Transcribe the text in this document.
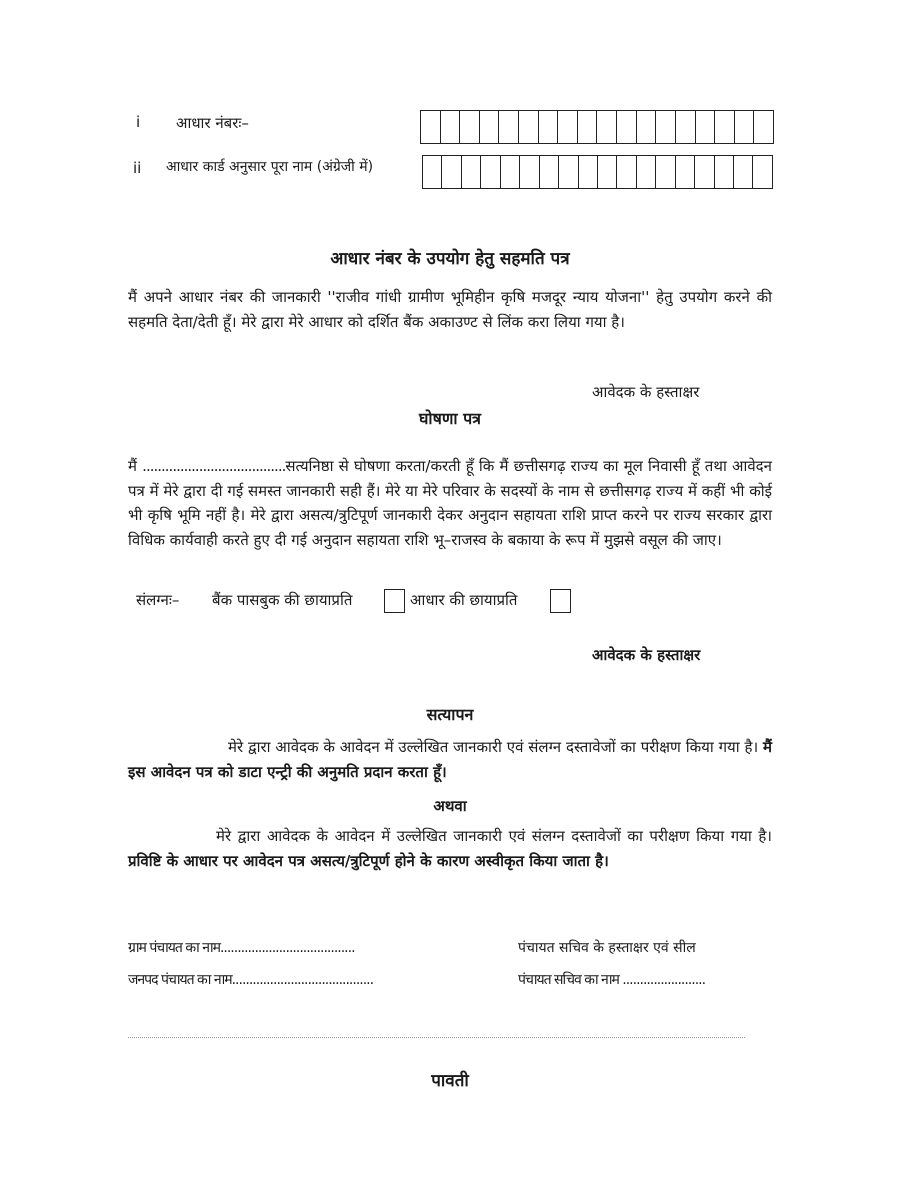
i आधार नंबरः–
ii आधार कार्ड अनुसार पूरा नाम (अंग्रेजी में)
आधार नंबर के उपयोग हेतु सहमति पत्र
मैं अपने आधार नंबर की जानकारी ''राजीव गांधी ग्रामीण भूमिहीन कृषि मजदूर न्याय योजना'' हेतु उपयोग करने की सहमति देता/देती हूँ। मेरे द्वारा मेरे आधार को दर्शित बैंक अकाउण्ट से लिंक करा लिया गया है।
आवेदक के हस्ताक्षर
घोषणा पत्र
मैं ......................................सत्यनिष्ठा से घोषणा करता/करती हूँ कि मैं छत्तीसगढ़ राज्य का मूल निवासी हूँ तथा आवेदन पत्र में मेरे द्वारा दी गई समस्त जानकारी सही हैं। मेरे या मेरे परिवार के सदस्यों के नाम से छत्तीसगढ़ राज्य में कहीं भी कोई भी कृषि भूमि नहीं है। मेरे द्वारा असत्य/त्रुटिपूर्ण जानकारी देकर अनुदान सहायता राशि प्राप्त करने पर राज्य सरकार द्वारा विधिक कार्यवाही करते हुए दी गई अनुदान सहायता राशि भू–राजस्व के बकाया के रूप में मुझसे वसूल की जाए।
संलग्नः– बैंक पासबुक की छायाप्रति	आधार की छायाप्रति
आवेदक के हस्ताक्षर
सत्यापन
मेरे द्वारा आवेदक के आवेदन में उल्लेखित जानकारी एवं संलग्न दस्तावेजों का परीक्षण किया गया है। मैं इस आवेदन पत्र को डाटा एन्ट्री की अनुमति प्रदान करता हूँ।
अथवा
मेरे द्वारा आवेदक के आवेदन में उल्लेखित जानकारी एवं संलग्न दस्तावेजों का परीक्षण किया गया है। प्रविष्टि के आधार पर आवेदन पत्र असत्य/त्रुटिपूर्ण होने के कारण अस्वीकृत किया जाता है।
ग्राम पंचायत का नाम.......................................	पंचायत सचिव के हस्ताक्षर एवं सील
जनपद पंचायत का नाम.........................................	पंचायत सचिव का नाम ........................
पावती
